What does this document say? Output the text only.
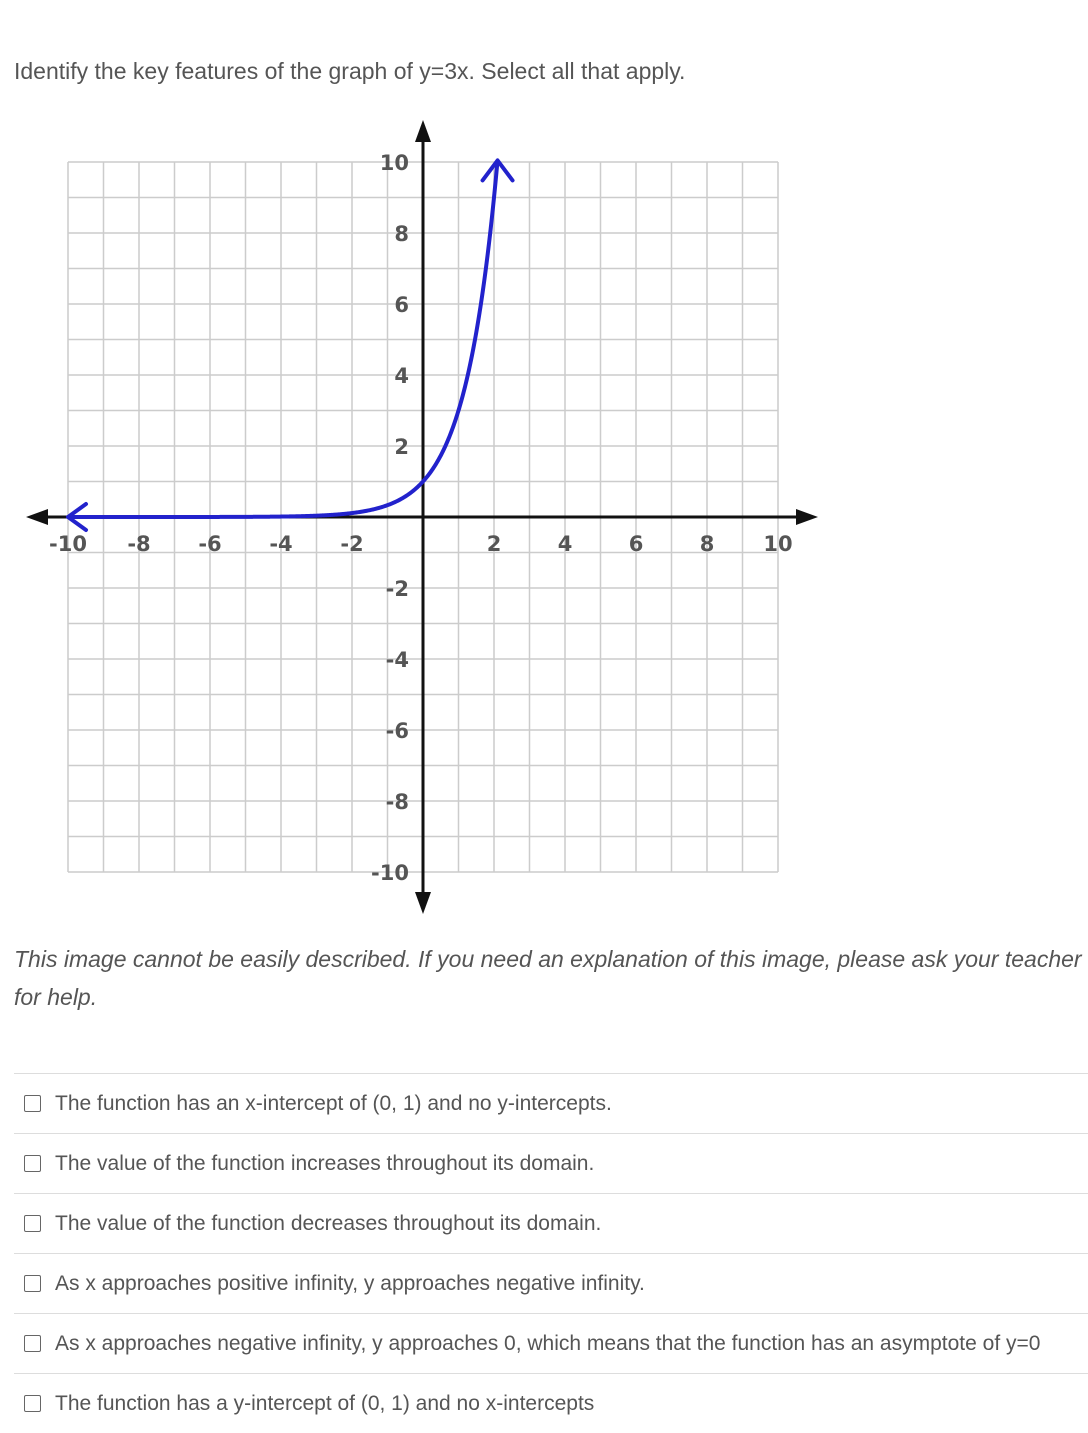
Identify the key features of the graph of y=3x. Select all that apply.
-10 -8 -6 -4 -2	2	4	6	8 10
10
8
6
4
2
-2
-4
-6
-8
-10

This image cannot be easily described. If you need an explanation of this image, please ask your teacher for help.

The function has an x-intercept of (0, 1) and no y-intercepts.
The value of the function increases throughout its domain.
The value of the function decreases throughout its domain.
As x approaches positive infinity, y approaches negative infinity.
As x approaches negative infinity, y approaches 0, which means that the function has an asymptote of y=0
The function has a y-intercept of (0, 1) and no x-intercepts
